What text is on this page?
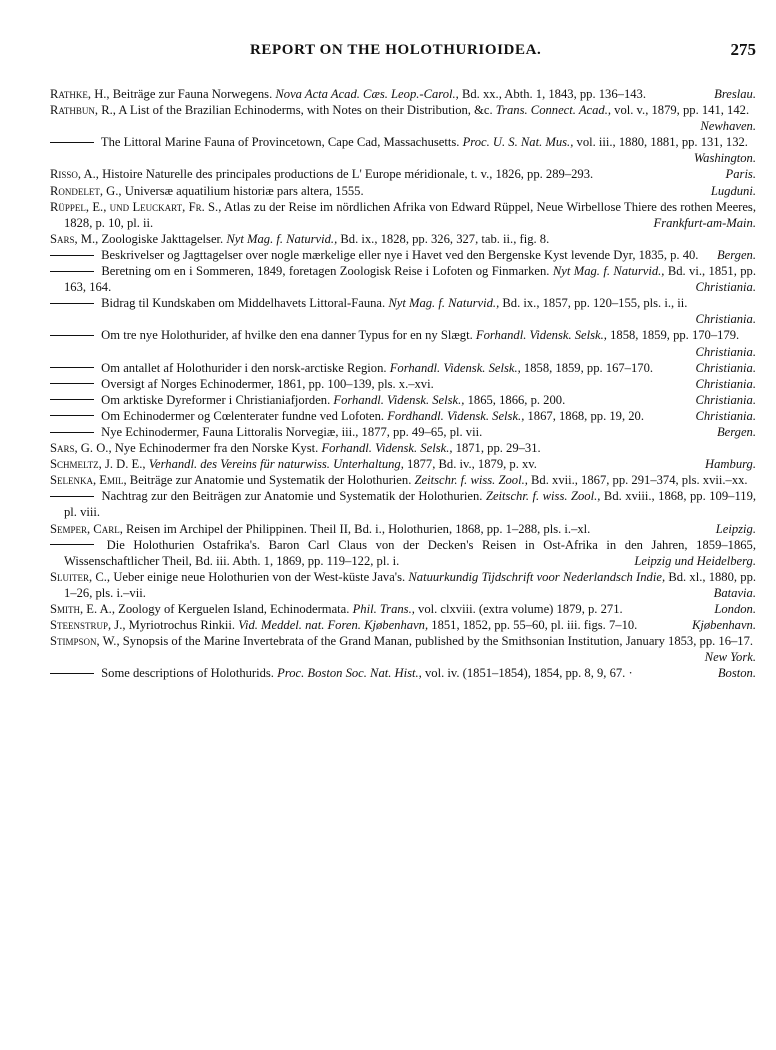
REPORT ON THE HOLOTHURIOIDEA.	275

Rathke, H., Beiträge zur Fauna Norwegens. Nova Acta Acad. Cæs. Leop.-Carol., Bd. xx., Abth. 1, 1843, pp. 136–143.	Breslau.

Rathbun, R., A List of the Brazilian Echinoderms, with Notes on their Distribution, &c. Trans. Connect. Acad., vol. v., 1879, pp. 141, 142.
Newhaven.

The Littoral Marine Fauna of Provincetown, Cape Cad, Massachusetts. Proc. U. S. Nat. Mus., vol. iii., 1880, 1881, pp. 131, 132.
Washington.

Risso, A., Histoire Naturelle des principales productions de L' Europe méridionale, t. v., 1826, pp. 289–293.	Paris.

Rondelet, G., Universæ aquatilium historiæ pars altera, 1555.	Lugduni.

Rüppel, E., und Leuckart, Fr. S., Atlas zu der Reise im nördlichen Afrika von Edward Rüppel, Neue Wirbellose Thiere des rothen Meeres, 1828, p. 10, pl. ii.	Frankfurt-am-Main.

Sars, M., Zoologiske Jakttagelser. Nyt Mag. f. Naturvid., Bd. ix., 1828, pp. 326, 327, tab. ii., fig. 8.

Beskrivelser og Jagttagelser over nogle mærkelige eller nye i Havet ved den Bergenske Kyst levende Dyr, 1835, p. 40. Bergen.

Beretning om en i Sommeren, 1849, foretagen Zoologisk Reise i Lofoten og Finmarken. Nyt Mag. f. Naturvid., Bd. vi., 1851, pp. 163, 164.	Christiania.

Bidrag til Kundskaben om Middelhavets Littoral-Fauna. Nyt Mag. f. Naturvid., Bd. ix., 1857, pp. 120–155, pls. i., ii.
Christiania.

Om tre nye Holothurider, af hvilke den ena danner Typus for en ny Slægt. Forhandl. Vidensk. Selsk., 1858, 1859, pp. 170–179.
Christiania.

Om antallet af Holothurider i den norsk-arctiske Region. Forhandl. Vidensk. Selsk., 1858, 1859, pp. 167–170.	Christiania.

Oversigt af Norges Echinodermer, 1861, pp. 100–139, pls. x.–xvi.	Christiania.

Om arktiske Dyreformer i Christianiafjorden. Forhandl. Vidensk. Selsk., 1865, 1866, p. 200.	Christiania.

Om Echinodermer og Cœlenterater fundne ved Lofoten. Fordhandl. Vidensk. Selsk., 1867, 1868, pp. 19, 20.	Christiania.

Nye Echinodermer, Fauna Littoralis Norvegiæ, iii., 1877, pp. 49–65, pl. vii.	Bergen.

Sars, G. O., Nye Echinodermer fra den Norske Kyst. Forhandl. Vidensk. Selsk., 1871, pp. 29–31.

Schmeltz, J. D. E., Verhandl. des Vereins für naturwiss. Unterhaltung, 1877, Bd. iv., 1879, p. xv.	Hamburg.

Selenka, Emil, Beiträge zur Anatomie und Systematik der Holothurien. Zeitschr. f. wiss. Zool., Bd. xvii., 1867, pp. 291–374, pls. xvii.–xx.

Nachtrag zur den Beiträgen zur Anatomie und Systematik der Holothurien. Zeitschr. f. wiss. Zool., Bd. xviii., 1868, pp. 109–119, pl. viii.

Semper, Carl, Reisen im Archipel der Philippinen. Theil II, Bd. i., Holothurien, 1868, pp. 1–288, pls. i.–xl.	Leipzig.

Die Holothurien Ostafrika's. Baron Carl Claus von der Decken's Reisen in Ost-Afrika in den Jahren, 1859–1865, Wissenschaftlicher Theil, Bd. iii. Abth. 1, 1869, pp. 119–122, pl. i.	Leipzig und Heidelberg.

Sluiter, C., Ueber einige neue Holothurien von der West-küste Java's. Natuurkundig Tijdschrift voor Nederlandsch Indie, Bd. xl., 1880, pp. 1–26, pls. i.–vii.	Batavia.

Smith, E. A., Zoology of Kerguelen Island, Echinodermata. Phil. Trans., vol. clxviii. (extra volume) 1879, p. 271.	London.

Steenstrup, J., Myriotrochus Rinkii. Vid. Meddel. nat. Foren. Kjøbenhavn, 1851, 1852, pp. 55–60, pl. iii. figs. 7–10.	Kjøbenhavn.

Stimpson, W., Synopsis of the Marine Invertebrata of the Grand Manan, published by the Smithsonian Institution, January 1853, pp. 16–17.
New York.

Some descriptions of Holothurids. Proc. Boston Soc. Nat. Hist., vol. iv. (1851–1854), 1854, pp. 8, 9, 67. ·	Boston.
